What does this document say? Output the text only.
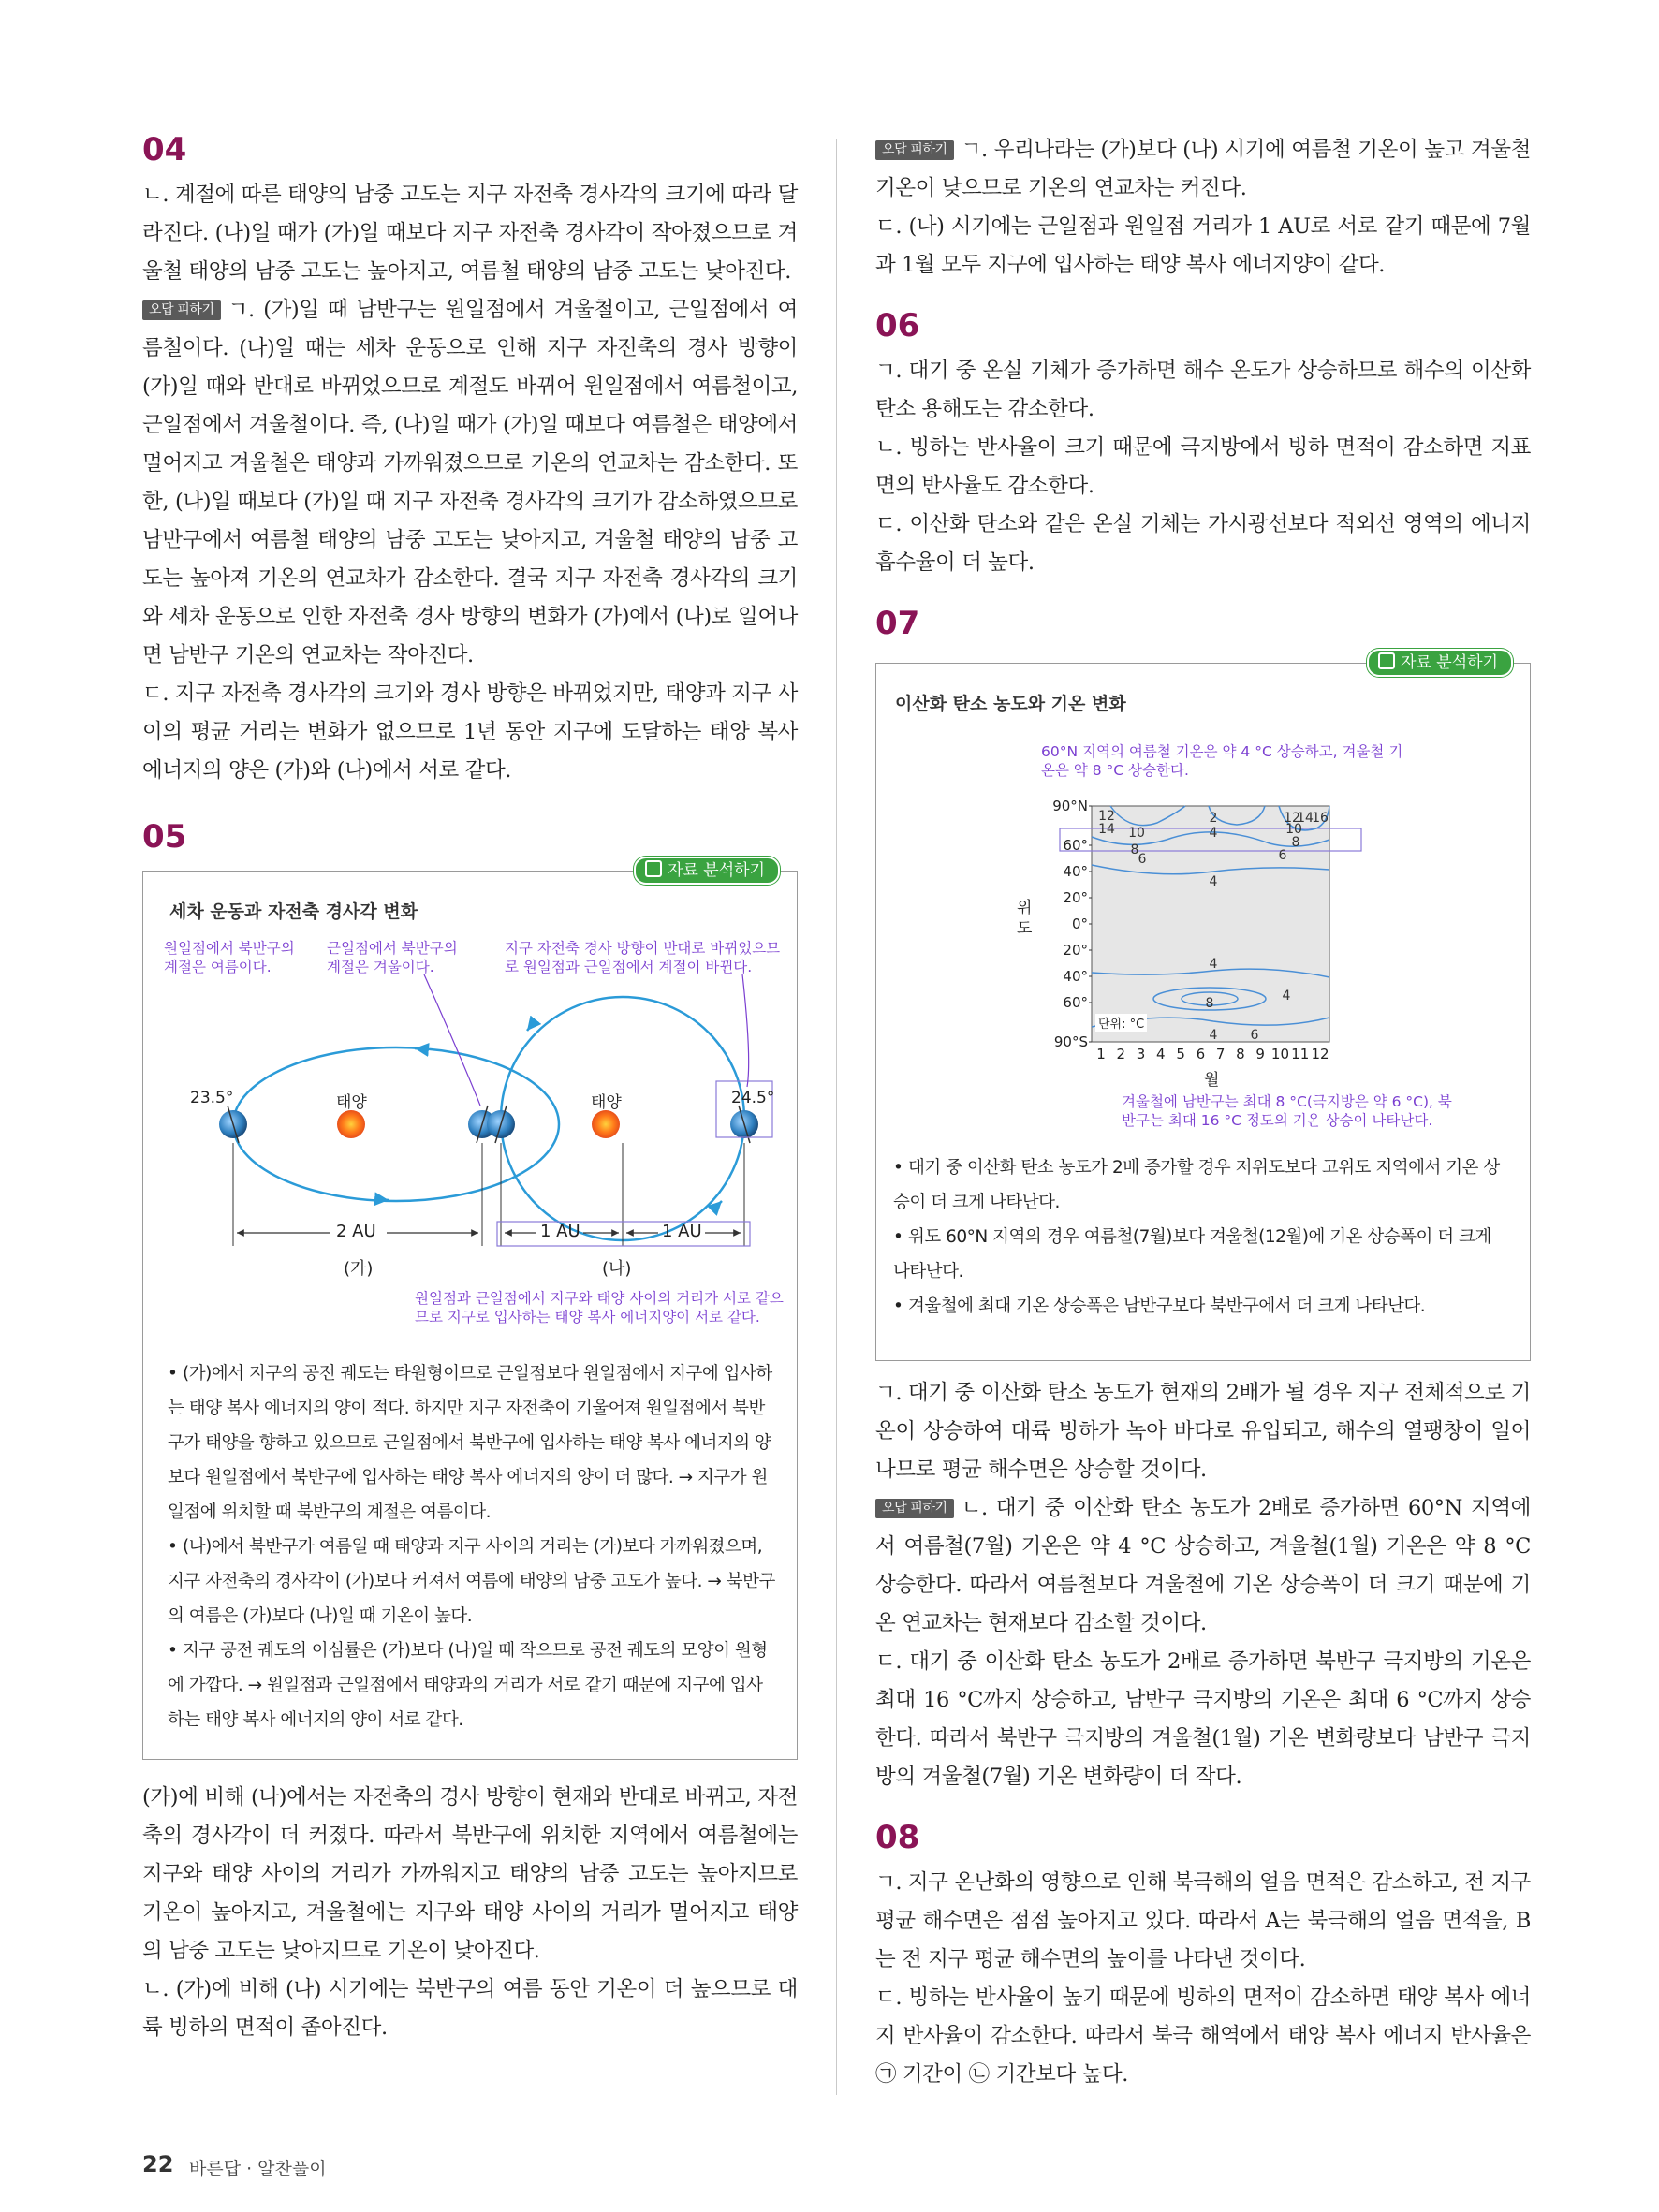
04

ㄴ. 계절에 따른 태양의 남중 고도는 지구 자전축 경사각의 크기에 따라 달라진다. (나)일 때가 (가)일 때보다 지구 자전축 경사각이 작아졌으므로 겨울철 태양의 남중 고도는 높아지고, 여름철 태양의 남중 고도는 낮아진다.

오답 피하기 ㄱ. (가)일 때 남반구는 원일점에서 겨울철이고, 근일점에서 여름철이다. (나)일 때는 세차 운동으로 인해 지구 자전축의 경사 방향이 (가)일 때와 반대로 바뀌었으므로 계절도 바뀌어 원일점에서 여름철이고, 근일점에서 겨울철이다. 즉, (나)일 때가 (가)일 때보다 여름철은 태양에서 멀어지고 겨울철은 태양과 가까워졌으므로 기온의 연교차는 감소한다. 또한, (나)일 때보다 (가)일 때 지구 자전축 경사각의 크기가 감소하였으므로 남반구에서 여름철 태양의 남중 고도는 낮아지고, 겨울철 태양의 남중 고도는 높아져 기온의 연교차가 감소한다. 결국 지구 자전축 경사각의 크기와 세차 운동으로 인한 자전축 경사 방향의 변화가 (가)에서 (나)로 일어나면 남반구 기온의 연교차는 작아진다.

ㄷ. 지구 자전축 경사각의 크기와 경사 방향은 바뀌었지만, 태양과 지구 사이의 평균 거리는 변화가 없으므로 1년 동안 지구에 도달하는 태양 복사 에너지의 양은 (가)와 (나)에서 서로 같다.

05
자료 분석하기
세차 운동과 자전축 경사각 변화
원일점에서 북반구의 계절은 여름이다.
근일점에서 북반구의 계절은 겨울이다.
지구 자전축 경사 방향이 반대로 바뀌었으므로 원일점과 근일점에서 계절이 바뀐다.
23.5°	24.5°
태양	태양
2 AU	1 AU	1 AU
(가)	(나)
원일점과 근일점에서 지구와 태양 사이의 거리가 서로 같으므로 지구로 입사하는 태양 복사 에너지양이 서로 같다.

• (가)에서 지구의 공전 궤도는 타원형이므로 근일점보다 원일점에서 지구에 입사하는 태양 복사 에너지의 양이 적다. 하지만 지구 자전축이 기울어져 원일점에서 북반구가 태양을 향하고 있으므로 근일점에서 북반구에 입사하는 태양 복사 에너지의 양보다 원일점에서 북반구에 입사하는 태양 복사 에너지의 양이 더 많다. → 지구가 원일점에 위치할 때 북반구의 계절은 여름이다.

• (나)에서 북반구가 여름일 때 태양과 지구 사이의 거리는 (가)보다 가까워졌으며, 지구 자전축의 경사각이 (가)보다 커져서 여름에 태양의 남중 고도가 높다. → 북반구의 여름은 (가)보다 (나)일 때 기온이 높다.

• 지구 공전 궤도의 이심률은 (가)보다 (나)일 때 작으므로 공전 궤도의 모양이 원형에 가깝다. → 원일점과 근일점에서 태양과의 거리가 서로 같기 때문에 지구에 입사하는 태양 복사 에너지의 양이 서로 같다.

(가)에 비해 (나)에서는 자전축의 경사 방향이 현재와 반대로 바뀌고, 자전축의 경사각이 더 커졌다. 따라서 북반구에 위치한 지역에서 여름철에는 지구와 태양 사이의 거리가 가까워지고 태양의 남중 고도는 높아지므로 기온이 높아지고, 겨울철에는 지구와 태양 사이의 거리가 멀어지고 태양의 남중 고도는 낮아지므로 기온이 낮아진다.

ㄴ. (가)에 비해 (나) 시기에는 북반구의 여름 동안 기온이 더 높으므로 대륙 빙하의 면적이 좁아진다.

오답 피하기 ㄱ. 우리나라는 (가)보다 (나) 시기에 여름철 기온이 높고 겨울철 기온이 낮으므로 기온의 연교차는 커진다.

ㄷ. (나) 시기에는 근일점과 원일점 거리가 1 AU로 서로 같기 때문에 7월과 1월 모두 지구에 입사하는 태양 복사 에너지양이 같다.

06

ㄱ. 대기 중 온실 기체가 증가하면 해수 온도가 상승하므로 해수의 이산화 탄소 용해도는 감소한다.

ㄴ. 빙하는 반사율이 크기 때문에 극지방에서 빙하 면적이 감소하면 지표면의 반사율도 감소한다.

ㄷ. 이산화 탄소와 같은 온실 기체는 가시광선보다 적외선 영역의 에너지 흡수율이 더 높다.

07
자료 분석하기
이산화 탄소 농도와 기온 변화
60°N 지역의 여름철 기온은 약 4 °C 상승하고, 겨울철 기온은 약 8 °C 상승한다.
90°N
60°
40°
20°
0°
20°
40°
60°
90°S
1 2 3 4 5 6 7 8 9 10 11 12
12
14 10
2
4
12
14
16
10
8	8
6	6
4
4
8	4
4	6
위도
월
단위: °C
겨울철에 남반구는 최대 8 °C(극지방은 약 6 °C), 북반구는 최대 16 °C 정도의 기온 상승이 나타난다.

• 대기 중 이산화 탄소 농도가 2배 증가할 경우 저위도보다 고위도 지역에서 기온 상승이 더 크게 나타난다.

• 위도 60°N 지역의 경우 여름철(7월)보다 겨울철(12월)에 기온 상승폭이 더 크게 나타난다.

• 겨울철에 최대 기온 상승폭은 남반구보다 북반구에서 더 크게 나타난다.

ㄱ. 대기 중 이산화 탄소 농도가 현재의 2배가 될 경우 지구 전체적으로 기온이 상승하여 대륙 빙하가 녹아 바다로 유입되고, 해수의 열팽창이 일어나므로 평균 해수면은 상승할 것이다.

오답 피하기 ㄴ. 대기 중 이산화 탄소 농도가 2배로 증가하면 60°N 지역에서 여름철(7월) 기온은 약 4 °C 상승하고, 겨울철(1월) 기온은 약 8 °C 상승한다. 따라서 여름철보다 겨울철에 기온 상승폭이 더 크기 때문에 기온 연교차는 현재보다 감소할 것이다.

ㄷ. 대기 중 이산화 탄소 농도가 2배로 증가하면 북반구 극지방의 기온은 최대 16 °C까지 상승하고, 남반구 극지방의 기온은 최대 6 °C까지 상승한다. 따라서 북반구 극지방의 겨울철(1월) 기온 변화량보다 남반구 극지방의 겨울철(7월) 기온 변화량이 더 작다.

08

ㄱ. 지구 온난화의 영향으로 인해 북극해의 얼음 면적은 감소하고, 전 지구 평균 해수면은 점점 높아지고 있다. 따라서 A는 북극해의 얼음 면적을, B는 전 지구 평균 해수면의 높이를 나타낸 것이다.

ㄷ. 빙하는 반사율이 높기 때문에 빙하의 면적이 감소하면 태양 복사 에너지 반사율이 감소한다. 따라서 북극 해역에서 태양 복사 에너지 반사율은 ㉠ 기간이 ㉡ 기간보다 높다.

22 바른답 · 알찬풀이
